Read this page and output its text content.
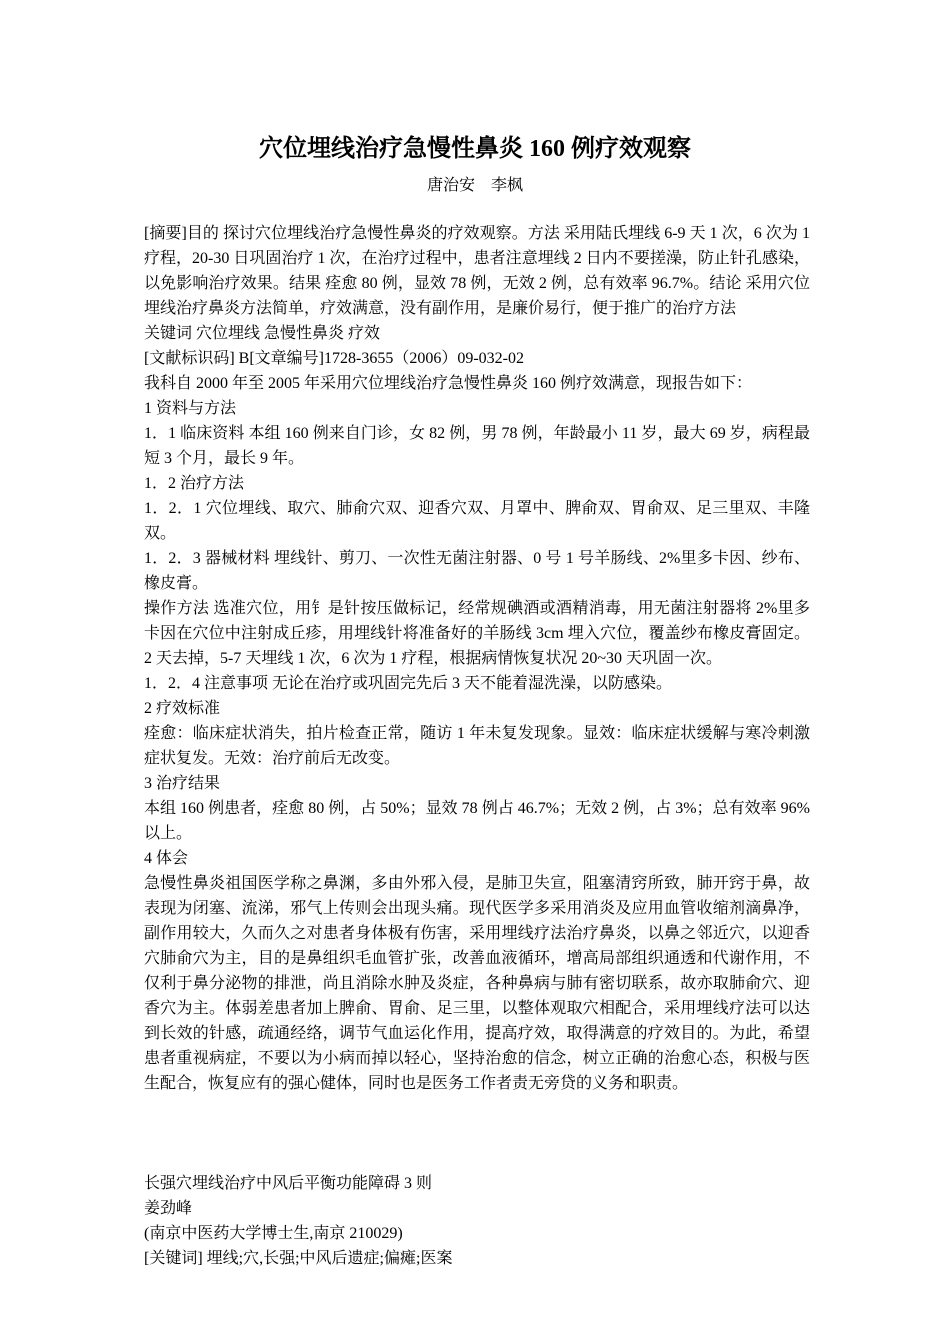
穴位埋线治疗急慢性鼻炎 160 例疗效观察
唐治安　李枫

[摘要]目的 探讨穴位埋线治疗急慢性鼻炎的疗效观察。方法 采用陆氏埋线 6-9 天 1 次，6 次为 1 疗程，20-30 日巩固治疗 1 次，在治疗过程中，患者注意埋线 2 日内不要搓澡，防止针孔感染，以免影响治疗效果。结果 痊愈 80 例，显效 78 例，无效 2 例，总有效率 96.7%。结论 采用穴位埋线治疗鼻炎方法简单，疗效满意，没有副作用，是廉价易行，便于推广的治疗方法

关键词 穴位埋线 急慢性鼻炎 疗效

[文献标识码] B[文章编号]1728-3655（2006）09-032-02

我科自 2000 年至 2005 年采用穴位埋线治疗急慢性鼻炎 160 例疗效满意，现报告如下：

1 资料与方法

1．1 临床资料 本组 160 例来自门诊，女 82 例，男 78 例，年龄最小 11 岁，最大 69 岁，病程最短 3 个月，最长 9 年。

1．2 治疗方法

1．2．1 穴位埋线、取穴、肺俞穴双、迎香穴双、月罩中、脾俞双、胃俞双、足三里双、丰隆双。

1．2．3 器械材料 埋线针、剪刀、一次性无菌注射器、0 号 1 号羊肠线、2%里多卡因、纱布、橡皮膏。

操作方法 选准穴位，用钅是针按压做标记，经常规碘酒或酒精消毒，用无菌注射器将 2%里多卡因在穴位中注射成丘疹，用埋线针将准备好的羊肠线 3cm 埋入穴位，覆盖纱布橡皮膏固定。2 天去掉，5-7 天埋线 1 次，6 次为 1 疗程，根据病情恢复状况 20~30 天巩固一次。

1．2．4 注意事项 无论在治疗或巩固完先后 3 天不能着湿洗澡，以防感染。

2 疗效标准

痊愈：临床症状消失，拍片检查正常，随访 1 年未复发现象。显效：临床症状缓解与寒冷刺激症状复发。无效：治疗前后无改变。

3 治疗结果

本组 160 例患者，痊愈 80 例，占 50%；显效 78 例占 46.7%；无效 2 例，占 3%；总有效率 96%以上。

4 体会

急慢性鼻炎祖国医学称之鼻渊，多由外邪入侵，是肺卫失宣，阻塞清窍所致，肺开窍于鼻，故表现为闭塞、流涕，邪气上传则会出现头痛。现代医学多采用消炎及应用血管收缩剂滴鼻净，副作用较大，久而久之对患者身体极有伤害，采用埋线疗法治疗鼻炎，以鼻之邻近穴，以迎香穴肺俞穴为主，目的是鼻组织毛血管扩张，改善血液循环，增高局部组织通透和代谢作用，不仅利于鼻分泌物的排泄，尚且消除水肿及炎症，各种鼻病与肺有密切联系，故亦取肺俞穴、迎香穴为主。体弱差患者加上脾俞、胃俞、足三里，以整体观取穴相配合，采用埋线疗法可以达到长效的针感，疏通经络，调节气血运化作用，提高疗效，取得满意的疗效目的。为此，希望患者重视病症，不要以为小病而掉以轻心，坚持治愈的信念，树立正确的治愈心态，积极与医生配合，恢复应有的强心健体，同时也是医务工作者责无旁贷的义务和职责。

长强穴埋线治疗中风后平衡功能障碍 3 则

姜劲峰

(南京中医药大学博士生,南京 210029)

[关键词] 埋线;穴,长强;中风后遗症;偏瘫;医案
